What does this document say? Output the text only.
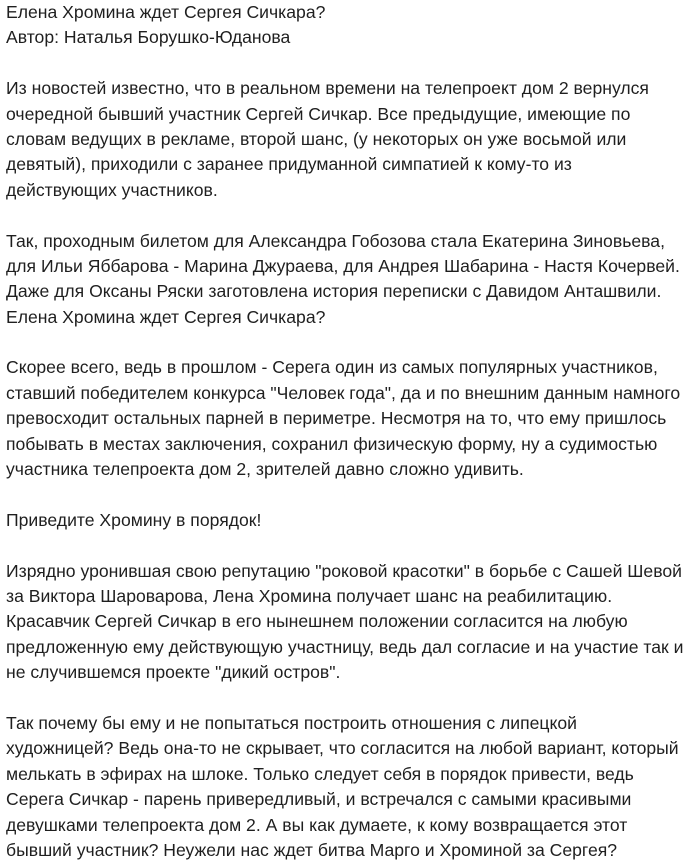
Елена Хромина ждет Сергея Сичкара?
Автор: Наталья Борушко-Юданова
Из новостей известно, что в реальном времени на телепроект дом 2 вернулся
очередной бывший участник Сергей Сичкар. Все предыдущие, имеющие по
словам ведущих в рекламе, второй шанс, (у некоторых он уже восьмой или
девятый), приходили с заранее придуманной симпатией к кому-то из
действующих участников.
Так, проходным билетом для Александра Гобозова стала Екатерина Зиновьева,
для Ильи Яббарова - Марина Джураева, для Андрея Шабарина - Настя Кочервей.
Даже для Оксаны Ряски заготовлена история переписки с Давидом Анташвили.
Елена Хромина ждет Сергея Сичкара?
Скорее всего, ведь в прошлом - Серега один из самых популярных участников,
ставший победителем конкурса "Человек года", да и по внешним данным намного
превосходит остальных парней в периметре. Несмотря на то, что ему пришлось
побывать в местах заключения, сохранил физическую форму, ну а судимостью
участника телепроекта дом 2, зрителей давно сложно удивить.
Приведите Хромину в порядок!
Изрядно уронившая свою репутацию "роковой красотки" в борьбе с Сашей Шевой
за Виктора Шароварова, Лена Хромина получает шанс на реабилитацию.
Красавчик Сергей Сичкар в его нынешнем положении согласится на любую
предложенную ему действующую участницу, ведь дал согласие и на участие так и
не случившемся проекте "дикий остров".
Так почему бы ему и не попытаться построить отношения с липецкой
художницей? Ведь она-то не скрывает, что согласится на любой вариант, который
мелькать в эфирах на шлоке. Только следует себя в порядок привести, ведь
Серега Сичкар - парень привередливый, и встречался с самыми красивыми
девушками телепроекта дом 2. А вы как думаете, к кому возвращается этот
бывший участник? Неужели нас ждет битва Марго и Хроминой за Сергея?
